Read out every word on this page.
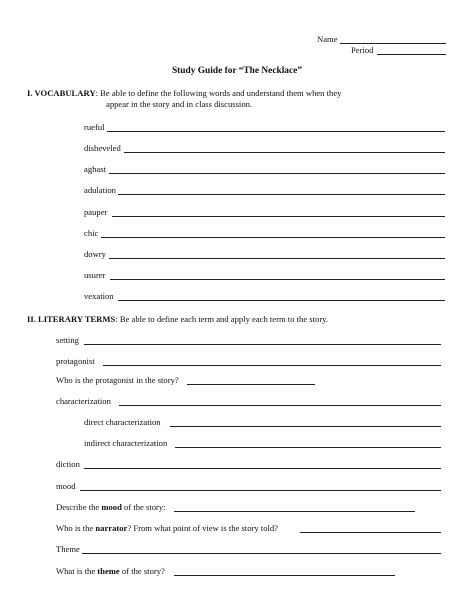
Name
Period
Study Guide for “The Necklace”
I. VOCABULARY: Be able to define the following words and understand them when they
appear in the story and in class discussion.
rueful
disheveled
aghast
adulation
pauper
chic
dowry
usurer
vexation
II. LITERARY TERMS: Be able to define each term and apply each term to the story.
setting
protagonist
Who is the protagonist in the story?
characterization
direct characterization
indirect characterization
diction
mood
Describe the mood of the story:
Who is the narrator? From what point of view is the story told?
Theme
What is the theme of the story?
